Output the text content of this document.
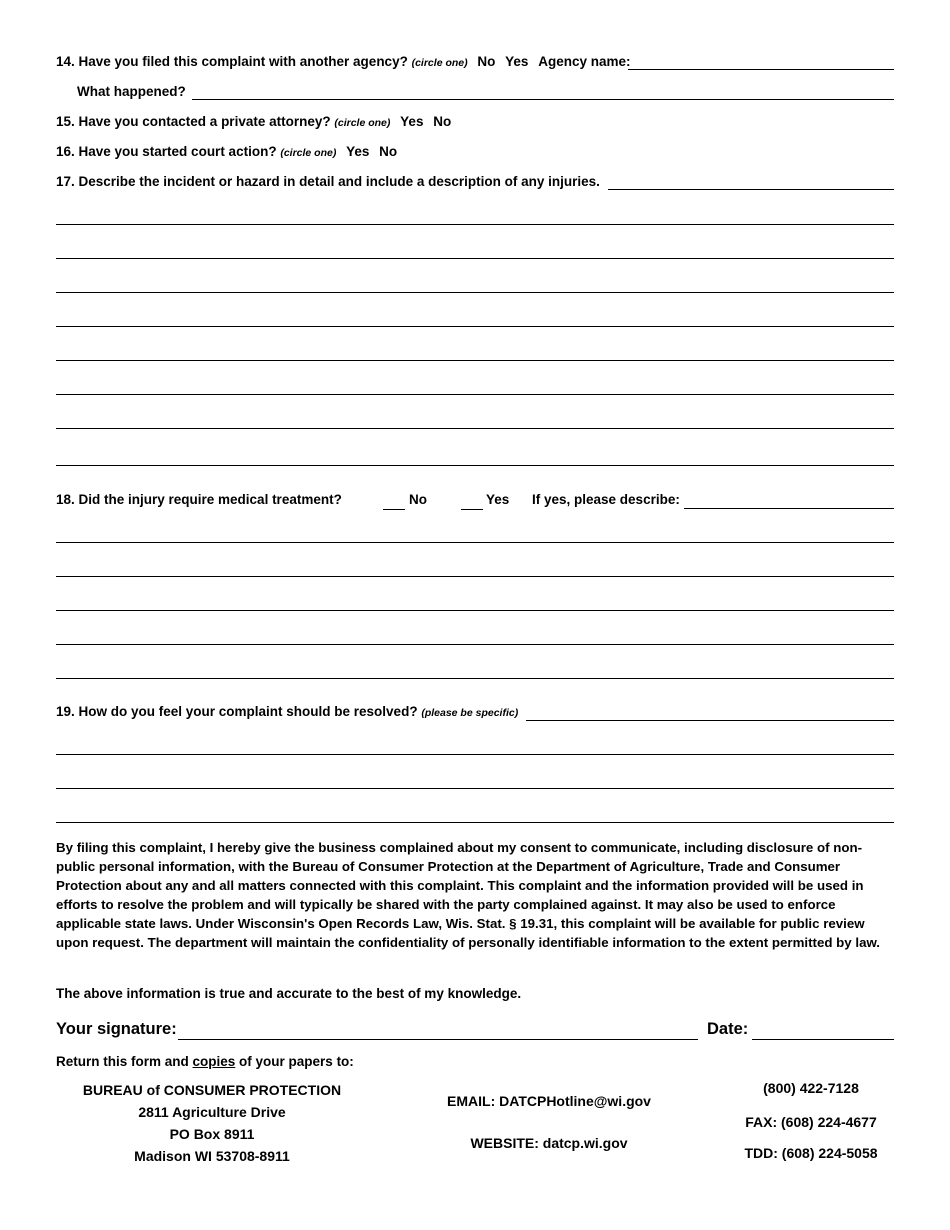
14. Have you filed this complaint with another agency? (circle one) No Yes Agency name:
What happened?
15. Have you contacted a private attorney? (circle one) Yes No
16. Have you started court action? (circle one) Yes No
17. Describe the incident or hazard in detail and include a description of any injuries.
18. Did the injury require medical treatment?	No	Yes If yes, please describe:
19. How do you feel your complaint should be resolved? (please be specific)
By filing this complaint, I hereby give the business complained about my consent to communicate, including disclosure of non-public personal information, with the Bureau of Consumer Protection at the Department of Agriculture, Trade and Consumer Protection about any and all matters connected with this complaint. This complaint and the information provided will be used in efforts to resolve the problem and will typically be shared with the party complained against. It may also be used to enforce applicable state laws. Under Wisconsin's Open Records Law, Wis. Stat. § 19.31, this complaint will be available for public review upon request. The department will maintain the confidentiality of personally identifiable information to the extent permitted by law.
The above information is true and accurate to the best of my knowledge.
Your signature:	Date:
Return this form and copies of your papers to:
BUREAU of CONSUMER PROTECTION
2811 Agriculture Drive
PO Box 8911
Madison WI 53708-8911
EMAIL: DATCPHotline@wi.gov
WEBSITE: datcp.wi.gov
(800) 422-7128
FAX: (608) 224-4677
TDD: (608) 224-5058
